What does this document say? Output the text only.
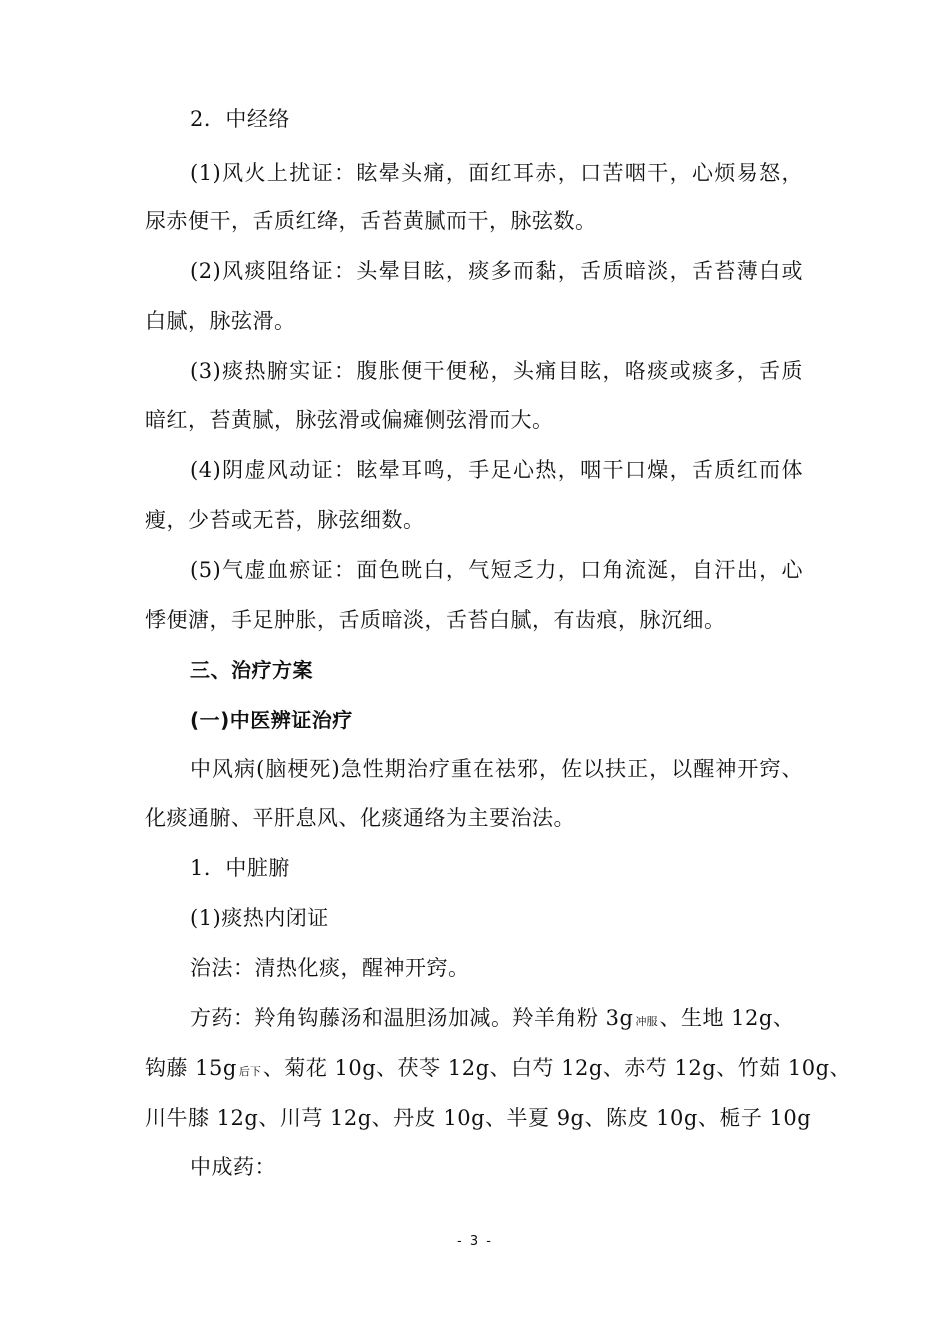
2．中经络
(1)风火上扰证：眩晕头痛，面红耳赤，口苦咽干，心烦易怒，
尿赤便干，舌质红绛，舌苔黄腻而干，脉弦数。
(2)风痰阻络证：头晕目眩，痰多而黏，舌质暗淡，舌苔薄白或
白腻，脉弦滑。
(3)痰热腑实证：腹胀便干便秘，头痛目眩，咯痰或痰多，舌质
暗红，苔黄腻，脉弦滑或偏瘫侧弦滑而大。
(4)阴虚风动证：眩晕耳鸣，手足心热，咽干口燥，舌质红而体
瘦，少苔或无苔，脉弦细数。
(5)气虚血瘀证：面色晄白，气短乏力，口角流涎，自汗出，心
悸便溏，手足肿胀，舌质暗淡，舌苔白腻，有齿痕，脉沉细。
三、治疗方案
(一)中医辨证治疗
中风病(脑梗死)急性期治疗重在祛邪，佐以扶正，以醒神开窍、
化痰通腑、平肝息风、化痰通络为主要治法。
1．中脏腑
(1)痰热内闭证
治法：清热化痰，醒神开窍。
方药：羚角钩藤汤和温胆汤加减。羚羊角粉 3g 冲服、生地 12g、
钩藤 15g 后下、菊花 10g、茯苓 12g、白芍 12g、赤芍 12g、竹茹 10g、
川牛膝 12g、川芎 12g、丹皮 10g、半夏 9g、陈皮 10g、栀子 10g
中成药：
- 3 -
